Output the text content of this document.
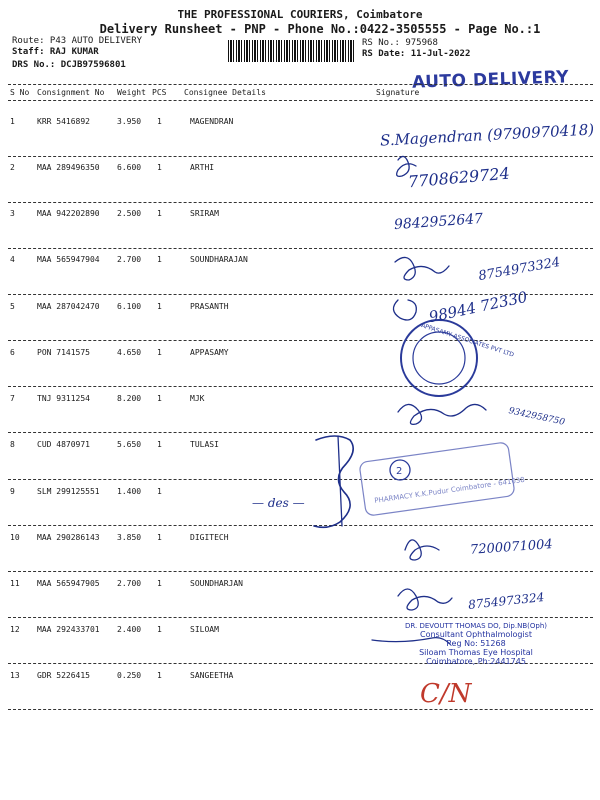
THE PROFESSIONAL COURIERS, Coimbatore
Delivery Runsheet - PNP - Phone No.:0422-3505555 - Page No.:1
Route: P43 AUTO DELIVERY
Staff: RAJ KUMAR
DRS No.: DCJB97596801
RS No.: 975968
RS Date: 11-Jul-2022
AUTO DELIVERY
S No Consignment No Weight PCS Consignee Details	Signature
1	KRR 5416892	3.950 1	MAGENDRAN
2	MAA 289496350 6.600 1	ARTHI
3	MAA 942202890 2.500 1	SRIRAM
4	MAA 565947904 2.700 1	SOUNDHARAJAN
5	MAA 287042470 6.100 1	PRASANTH
6	PON 7141575	4.650 1	APPASAMY
7	TNJ 9311254	8.200 1	MJK
8	CUD 4870971	5.650 1	TULASI
9	SLM 299125551 1.400 1
10 MAA 290286143 3.850 1	DIGITECH
11 MAA 565947905 2.700 1	SOUNDHARJAN
12 MAA 292433701 2.400 1	SILOAM
13 GDR 5226415	0.250 1	SANGEETHA
C/N
APPASAMY ASSOCIATES PVT LTD
PHARMACY K.K.Pudur Coimbatore - 641038
2
S.Magendran (9790970418)
7708629724
9842952647
8754973324
98944 72330
9342958750
— des —
7200071004
8754973324
DR. DEVOUTT THOMAS DO, Dip.NB(Oph)
Consultant Ophthalmologist
Reg No: 51268
Siloam Thomas Eye Hospital
Coimbatore, Ph:2441745
